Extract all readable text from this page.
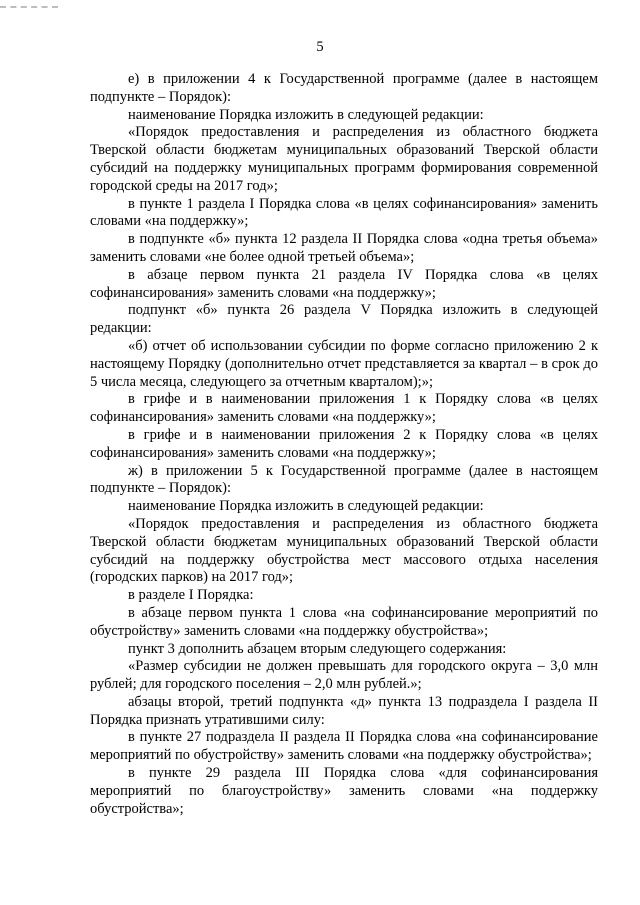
5

е) в приложении 4 к Государственной программе (далее в настоящем подпункте – Порядок):

наименование Порядка изложить в следующей редакции:

«Порядок предоставления и распределения из областного бюджета Тверской области бюджетам муниципальных образований Тверской области субсидий на поддержку муниципальных программ формирования современной городской среды на 2017 год»;

в пункте 1 раздела I Порядка слова «в целях софинансирования» заменить словами «на поддержку»;

в подпункте «б» пункта 12 раздела II Порядка слова «одна третья объема» заменить словами «не более одной третьей объема»;

в абзаце первом пункта 21 раздела IV Порядка слова «в целях софинансирования» заменить словами «на поддержку»;

подпункт «б» пункта 26 раздела V Порядка изложить в следующей редакции:

«б) отчет об использовании субсидии по форме согласно приложению 2 к настоящему Порядку (дополнительно отчет представляется за квартал – в срок до 5 числа месяца, следующего за отчетным кварталом);»;

в грифе и в наименовании приложения 1 к Порядку слова «в целях софинансирования» заменить словами «на поддержку»;

в грифе и в наименовании приложения 2 к Порядку слова «в целях софинансирования» заменить словами «на поддержку»;

ж) в приложении 5 к Государственной программе (далее в настоящем подпункте – Порядок):

наименование Порядка изложить в следующей редакции:

«Порядок предоставления и распределения из областного бюджета Тверской области бюджетам муниципальных образований Тверской области субсидий на поддержку обустройства мест массового отдыха населения (городских парков) на 2017 год»;

в разделе I Порядка:

в абзаце первом пункта 1 слова «на софинансирование мероприятий по обустройству» заменить словами «на поддержку обустройства»;

пункт 3 дополнить абзацем вторым следующего содержания:

«Размер субсидии не должен превышать для городского округа – 3,0 млн рублей; для городского поселения – 2,0 млн рублей.»;

абзацы второй, третий подпункта «д» пункта 13 подраздела I раздела II Порядка признать утратившими силу:

в пункте 27 подраздела II раздела II Порядка слова «на софинансирование мероприятий по обустройству» заменить словами «на поддержку обустройства»;

в пункте 29 раздела III Порядка слова «для софинансирования мероприятий по благоустройству» заменить словами «на поддержку обустройства»;
